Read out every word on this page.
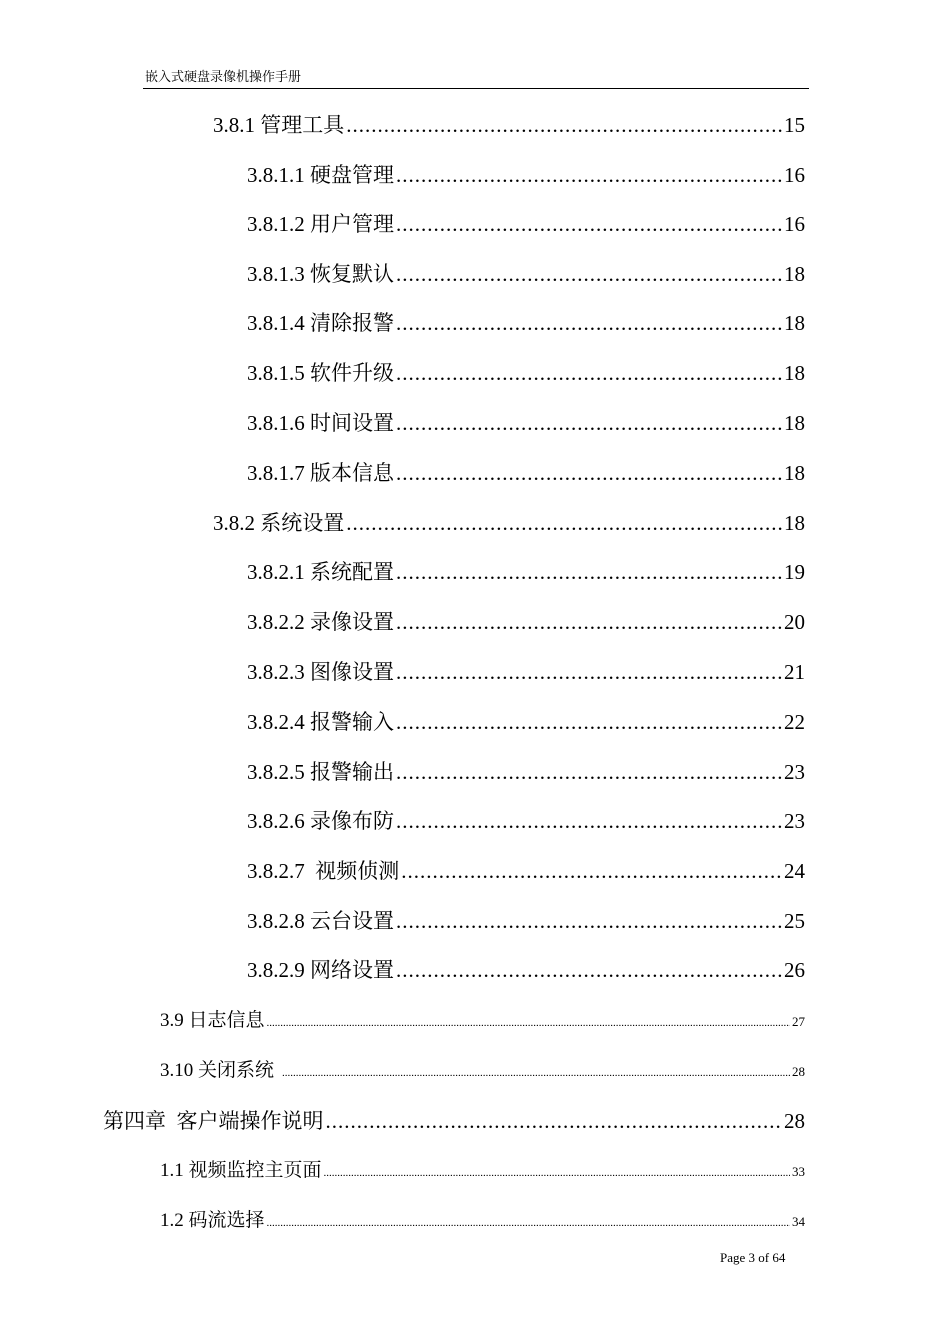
嵌入式硬盘录像机操作手册
3.8.1 管理工具 .....	15
3.8.1.1 硬盘管理 .....	16
3.8.1.2 用户管理 .....	16
3.8.1.3 恢复默认 .....	18
3.8.1.4 清除报警 .....	18
3.8.1.5 软件升级 .....	18
3.8.1.6 时间设置 .....	18
3.8.1.7 版本信息 .....	18
3.8.2 系统设置 .....	18
3.8.2.1 系统配置 .....	19
3.8.2.2 录像设置 .....	20
3.8.2.3 图像设置 .....	21
3.8.2.4 报警输入 .....	22
3.8.2.5 报警输出 .....	23
3.8.2.6 录像布防 .....	23
3.8.2.7  视频侦测 .....	24
3.8.2.8 云台设置 .....	25
3.8.2.9 网络设置 .....	26
3.9 日志信息 .....	27
3.10 关闭系统 .....	28
第四章  客户端操作说明 .....	28
1.1 视频监控主页面 .....	33
1.2 码流选择 .....	34
Page 3 of 64
